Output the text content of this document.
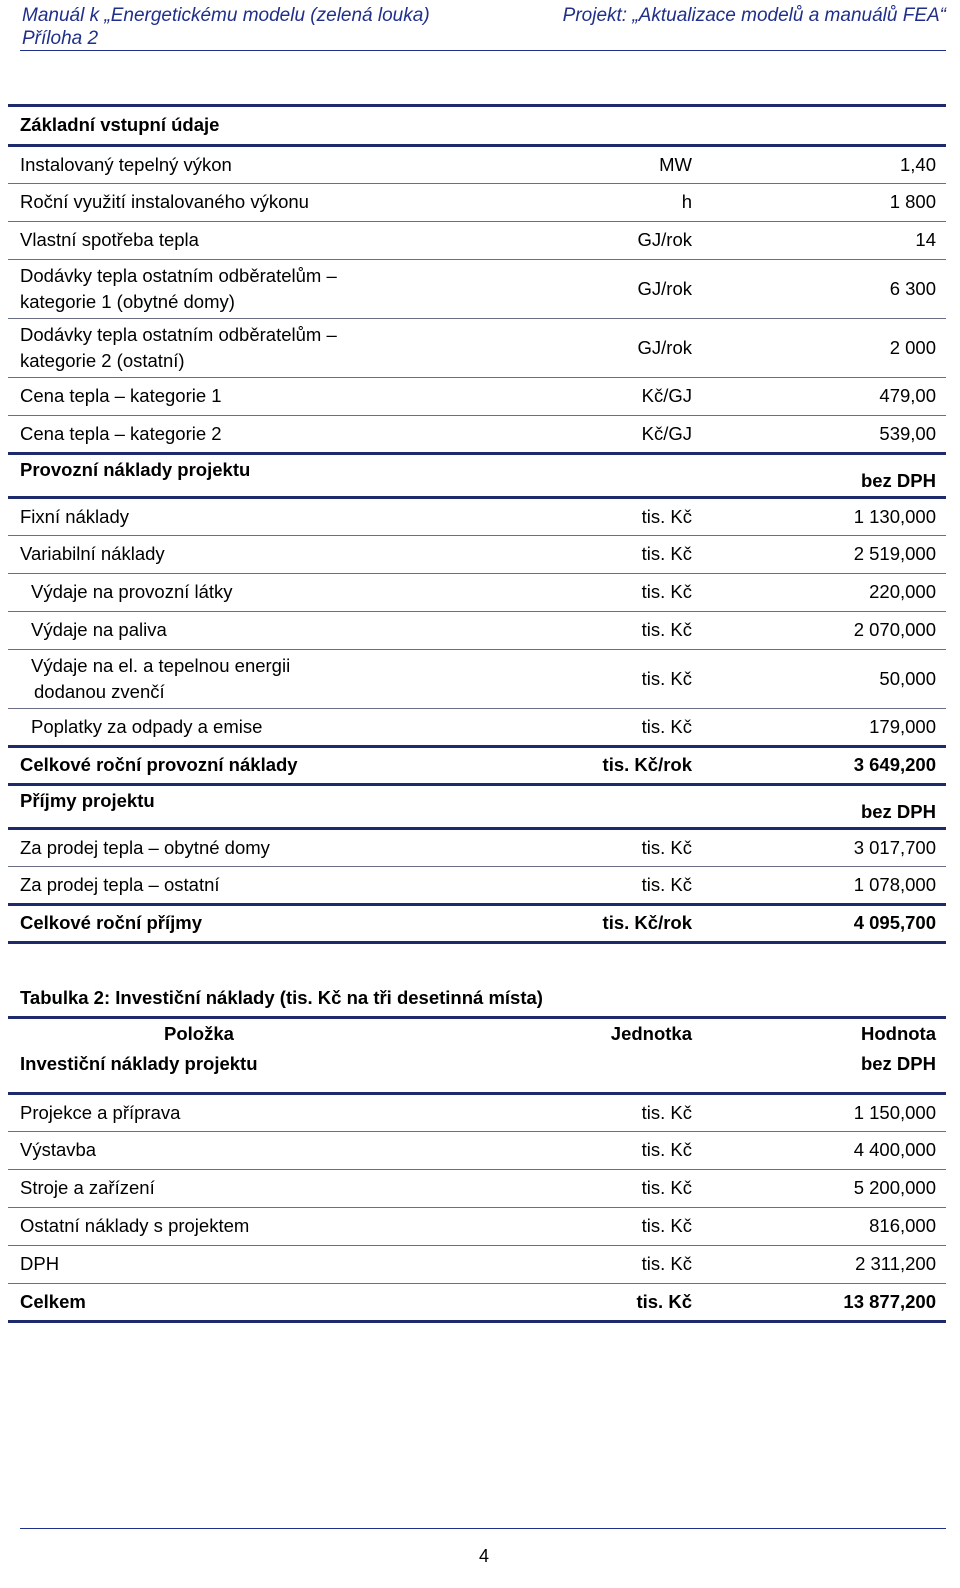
Manuál k „Energetickému modelu (zelená louka)	Projekt: „Aktualizace modelů a manuálů FEA“
Příloha 2
Základní vstupní údaje		
Instalovaný tepelný výkon	MW	1,40
Roční využití instalovaného výkonu	h	1 800
Vlastní spotřeba tepla	GJ/rok	14

Dodávky tepla ostatním odběratelům –
kategorie 1 (obytné domy)	GJ/rok	6 300

Dodávky tepla ostatním odběratelům –
kategorie 2 (ostatní)	GJ/rok	2 000
Cena tepla – kategorie 1	Kč/GJ	479,00
Cena tepla – kategorie 2	Kč/GJ	539,00
Provozní náklady projektu		bez DPH
Fixní náklady	tis. Kč	1 130,000
Variabilní náklady	tis. Kč	2 519,000
Výdaje na provozní látky	tis. Kč	220,000
Výdaje na paliva	tis. Kč	2 070,000

Výdaje na el. a tepelnou energii
dodanou zvenčí	tis. Kč	50,000
Poplatky za odpady a emise	tis. Kč	179,000
Celkové roční provozní náklady	tis. Kč/rok	3 649,200
Příjmy projektu		bez DPH
Za prodej tepla – obytné domy	tis. Kč	3 017,700
Za prodej tepla – ostatní	tis. Kč	1 078,000
Celkové roční příjmy	tis. Kč/rok	4 095,700
Tabulka 2: Investiční náklady (tis. Kč na tři desetinná místa)
Položka	Jednotka	Hodnota
Investiční náklady projektu		bez DPH
Projekce a příprava	tis. Kč	1 150,000
Výstavba	tis. Kč	4 400,000
Stroje a zařízení	tis. Kč	5 200,000
Ostatní náklady s projektem	tis. Kč	816,000
DPH	tis. Kč	2 311,200
Celkem	tis. Kč	13 877,200
4
